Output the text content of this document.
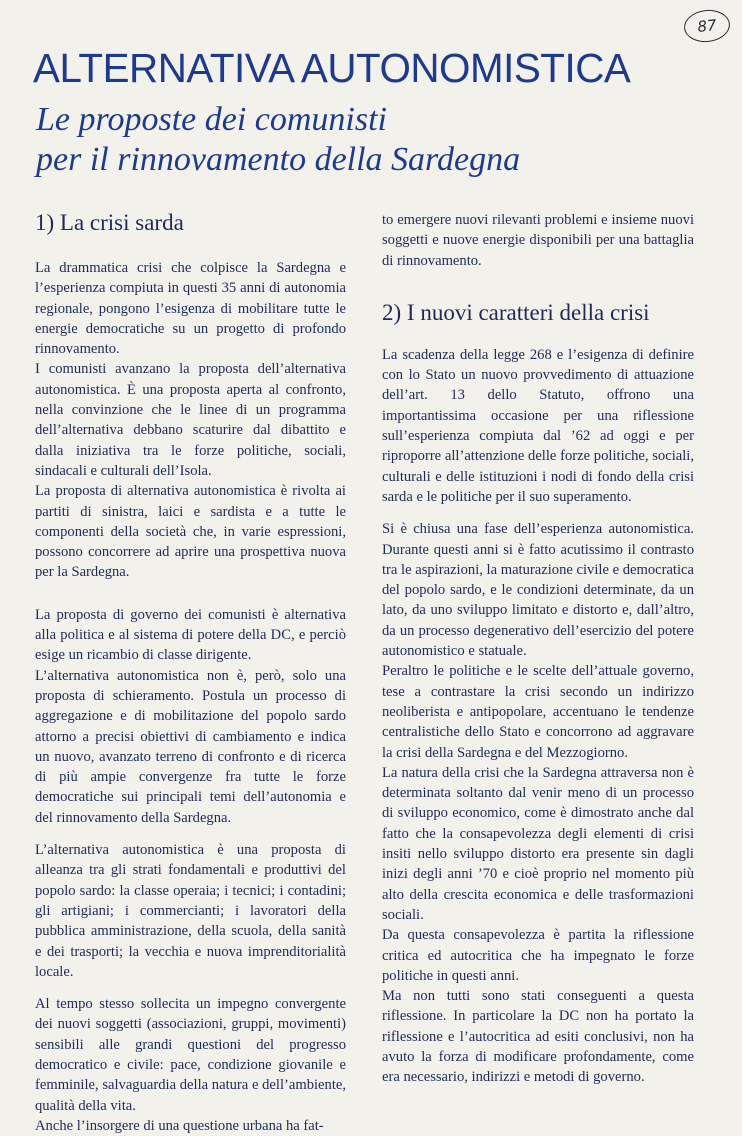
87
ALTERNATIVA AUTONOMISTICA
Le proposte dei comunisti
per il rinnovamento della Sardegna
1) La crisi sarda

La drammatica crisi che colpisce la Sardegna e l’esperienza compiuta in questi 35 anni di autonomia regionale, pongono l’esigenza di mobilitare tutte le energie democratiche su un progetto di profondo rinnovamento.

I comunisti avanzano la proposta dell’alternativa autonomistica. È una proposta aperta al confronto, nella convinzione che le linee di un programma dell’alternativa debbano scaturire dal dibattito e dalla iniziativa tra le forze politiche, sociali, sindacali e culturali dell’Isola.

La proposta di alternativa autonomistica è rivolta ai partiti di sinistra, laici e sardista e a tutte le componenti della società che, in varie espressioni, possono concorrere ad aprire una prospettiva nuova per la Sardegna.

La proposta di governo dei comunisti è alternativa alla politica e al sistema di potere della DC, e perciò esige un ricambio di classe dirigente.

L’alternativa autonomistica non è, però, solo una proposta di schieramento. Postula un processo di aggregazione e di mobilitazione del popolo sardo attorno a precisi obiettivi di cambiamento e indica un nuovo, avanzato terreno di confronto e di ricerca di più ampie convergenze fra tutte le forze democratiche sui principali temi dell’autonomia e del rinnovamento della Sardegna.

L’alternativa autonomistica è una proposta di alleanza tra gli strati fondamentali e produttivi del popolo sardo: la classe operaia; i tecnici; i contadini; gli artigiani; i commercianti; i lavoratori della pubblica amministrazione, della scuola, della sanità e dei trasporti; la vecchia e nuova imprenditorialità locale.

Al tempo stesso sollecita un impegno convergente dei nuovi soggetti (associazioni, gruppi, movimenti) sensibili alle grandi questioni del progresso democratico e civile: pace, condizione giovanile e femminile, salvaguardia della natura e dell’ambiente, qualità della vita.

Anche l’insorgere di una questione urbana ha fat-

to emergere nuovi rilevanti problemi e insieme nuovi soggetti e nuove energie disponibili per una battaglia di rinnovamento.

2) I nuovi caratteri della crisi

La scadenza della legge 268 e l’esigenza di definire con lo Stato un nuovo provvedimento di attuazione dell’art. 13 dello Statuto, offrono una importantissima occasione per una riflessione sull’esperienza compiuta dal ’62 ad oggi e per riproporre all’attenzione delle forze politiche, sociali, culturali e delle istituzioni i nodi di fondo della crisi sarda e le politiche per il suo superamento.

Si è chiusa una fase dell’esperienza autonomistica. Durante questi anni si è fatto acutissimo il contrasto tra le aspirazioni, la maturazione civile e democratica del popolo sardo, e le condizioni determinate, da un lato, da uno sviluppo limitato e distorto e, dall’altro, da un processo degenerativo dell’esercizio del potere autonomistico e statuale.

Peraltro le politiche e le scelte dell’attuale governo, tese a contrastare la crisi secondo un indirizzo neoliberista e antipopolare, accentuano le tendenze centralistiche dello Stato e concorrono ad aggravare la crisi della Sardegna e del Mezzogiorno.

La natura della crisi che la Sardegna attraversa non è determinata soltanto dal venir meno di un processo di sviluppo economico, come è dimostrato anche dal fatto che la consapevolezza degli elementi di crisi insiti nello sviluppo distorto era presente sin dagli inizi degli anni ’70 e cioè proprio nel momento più alto della crescita economica e delle trasformazioni sociali.

Da questa consapevolezza è partita la riflessione critica ed autocritica che ha impegnato le forze politiche in questi anni.

Ma non tutti sono stati conseguenti a questa riflessione. In particolare la DC non ha portato la riflessione e l’autocritica ad esiti conclusivi, non ha avuto la forza di modificare profondamente, come era necessario, indirizzi e metodi di governo.
